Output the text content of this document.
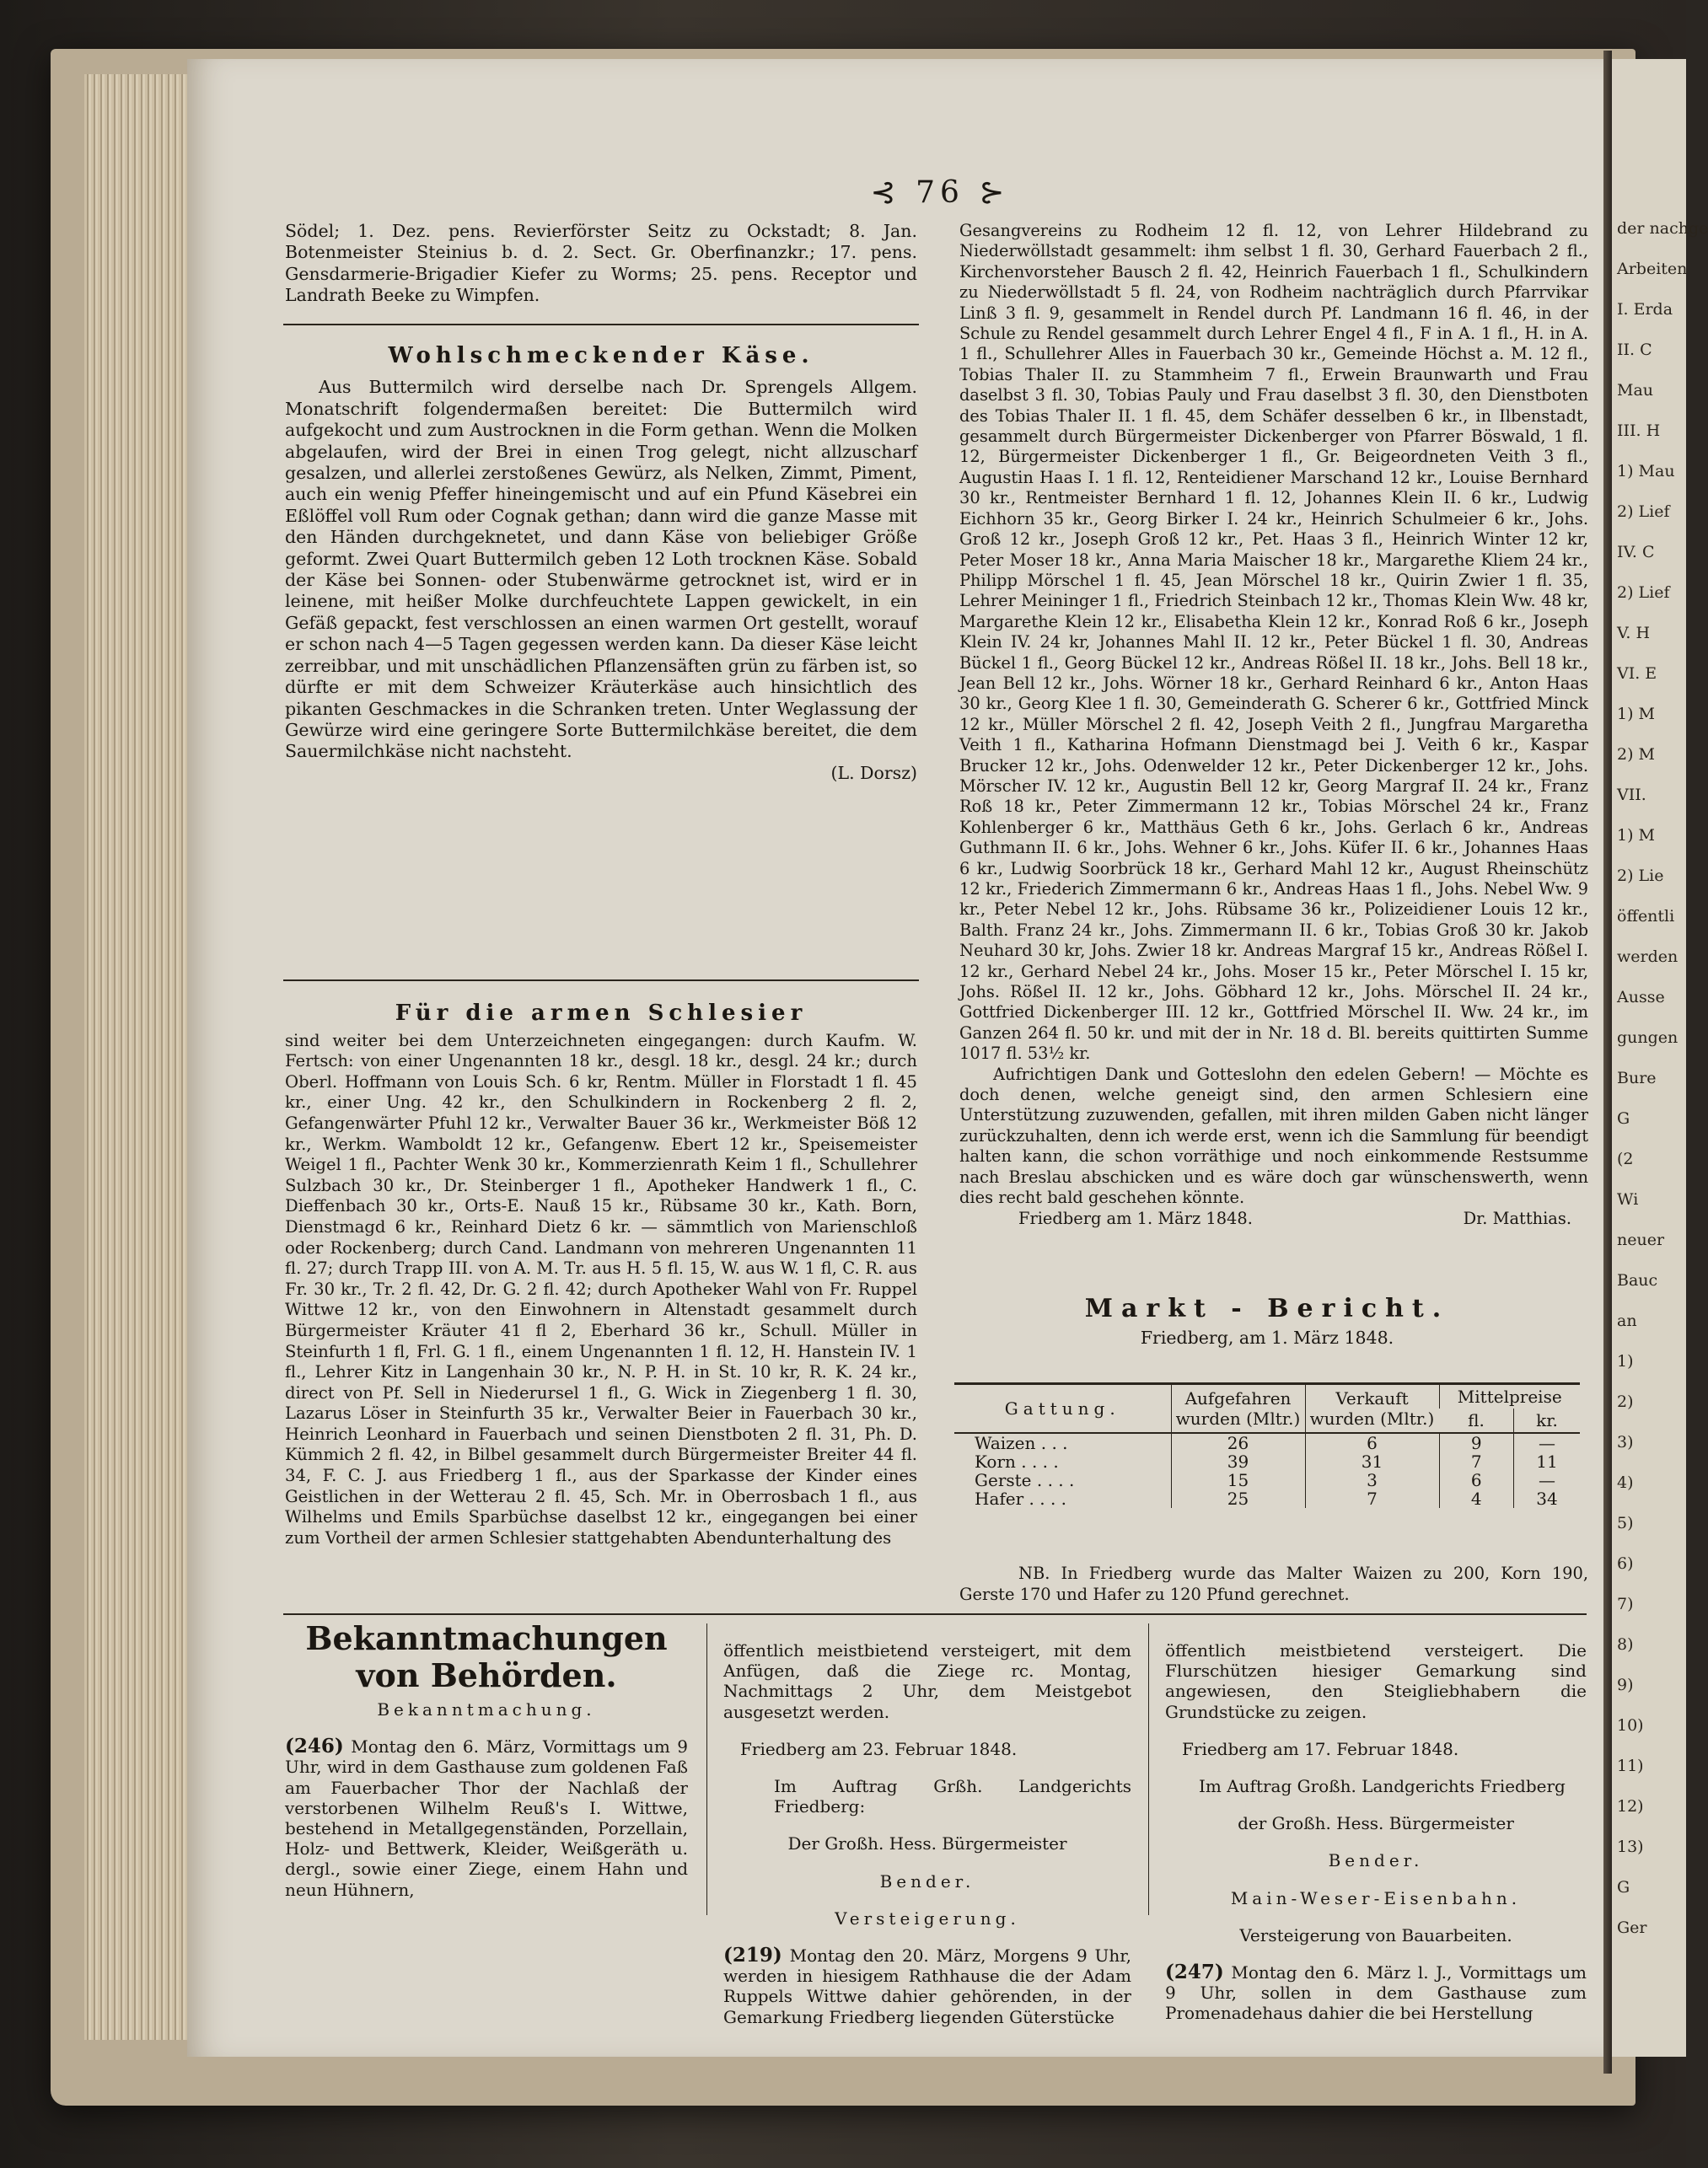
der nachge
Arbeiten
I. Erda
II. C
Mau
III. H
1) Mau
2) Lief
IV. C
2) Lief
V. H
VI. E
1) M
2) M
VII.
1) M
2) Lie
öffentli
werden
Ausse
gungen
Bure
G
(2
Wi
neuer
Bauc
an
1)
2)
3)
4)
5)
6)
7)
8)
9)
10)
11)
12)
13)
G
Ger
⊰ 76 ⊱

Södel; 1. Dez. pens. Revierförster Seitz zu Ockstadt; 8. Jan. Botenmeister Steinius b. d. 2. Sect. Gr. Oberfinanzkr.; 17. pens. Gensdarmerie-Brigadier Kiefer zu Worms; 25. pens. Receptor und Landrath Beeke zu Wimpfen.

Wohlschmeckender Käse.

Aus Buttermilch wird derselbe nach Dr. Sprengels Allgem. Monatschrift folgendermaßen bereitet: Die Buttermilch wird aufgekocht und zum Austrocknen in die Form gethan. Wenn die Molken abgelaufen, wird der Brei in einen Trog gelegt, nicht allzuscharf gesalzen, und allerlei zerstoßenes Gewürz, als Nelken, Zimmt, Piment, auch ein wenig Pfeffer hineingemischt und auf ein Pfund Käsebrei ein Eßlöffel voll Rum oder Cognak gethan; dann wird die ganze Masse mit den Händen durchgeknetet, und dann Käse von beliebiger Größe geformt. Zwei Quart Buttermilch geben 12 Loth trocknen Käse. Sobald der Käse bei Sonnen- oder Stubenwärme getrocknet ist, wird er in leinene, mit heißer Molke durchfeuchtete Lappen gewickelt, in ein Gefäß gepackt, fest verschlossen an einen warmen Ort gestellt, worauf er schon nach 4—5 Tagen gegessen werden kann. Da dieser Käse leicht zerreibbar, und mit unschädlichen Pflanzensäften grün zu färben ist, so dürfte er mit dem Schweizer Kräuterkäse auch hinsichtlich des pikanten Geschmackes in die Schranken treten. Unter Weglassung der Gewürze wird eine geringere Sorte Buttermilchkäse bereitet, die dem Sauermilchkäse nicht nachsteht.

(L. Dorsz)

Für die armen Schlesier

sind weiter bei dem Unterzeichneten eingegangen: durch Kaufm. W. Fertsch: von einer Ungenannten 18 kr., desgl. 18 kr., desgl. 24 kr.; durch Oberl. Hoffmann von Louis Sch. 6 kr, Rentm. Müller in Florstadt 1 fl. 45 kr., einer Ung. 42 kr., den Schulkindern in Rockenberg 2 fl. 2, Gefangenwärter Pfuhl 12 kr., Verwalter Bauer 36 kr., Werkmeister Böß 12 kr., Werkm. Wamboldt 12 kr., Gefangenw. Ebert 12 kr., Speisemeister Weigel 1 fl., Pachter Wenk 30 kr., Kommerzienrath Keim 1 fl., Schullehrer Sulzbach 30 kr., Dr. Steinberger 1 fl., Apotheker Handwerk 1 fl., C. Dieffenbach 30 kr., Orts-E. Nauß 15 kr., Rübsame 30 kr., Kath. Born, Dienstmagd 6 kr., Reinhard Dietz 6 kr. — sämmtlich von Marienschloß oder Rockenberg; durch Cand. Landmann von mehreren Ungenannten 11 fl. 27; durch Trapp III. von A. M. Tr. aus H. 5 fl. 15, W. aus W. 1 fl, C. R. aus Fr. 30 kr., Tr. 2 fl. 42, Dr. G. 2 fl. 42; durch Apotheker Wahl von Fr. Ruppel Wittwe 12 kr., von den Einwohnern in Altenstadt gesammelt durch Bürgermeister Kräuter 41 fl 2, Eberhard 36 kr., Schull. Müller in Steinfurth 1 fl, Frl. G. 1 fl., einem Ungenannten 1 fl. 12, H. Hanstein IV. 1 fl., Lehrer Kitz in Langenhain 30 kr., N. P. H. in St. 10 kr, R. K. 24 kr., direct von Pf. Sell in Niederursel 1 fl., G. Wick in Ziegenberg 1 fl. 30, Lazarus Löser in Steinfurth 35 kr., Verwalter Beier in Fauerbach 30 kr., Heinrich Leonhard in Fauerbach und seinen Dienstboten 2 fl. 31, Ph. D. Kümmich 2 fl. 42, in Bilbel gesammelt durch Bürgermeister Breiter 44 fl. 34, F. C. J. aus Friedberg 1 fl., aus der Sparkasse der Kinder eines Geistlichen in der Wetterau 2 fl. 45, Sch. Mr. in Oberrosbach 1 fl., aus Wilhelms und Emils Sparbüchse daselbst 12 kr., eingegangen bei einer zum Vortheil der armen Schlesier stattgehabten Abendunterhaltung des

Gesangvereins zu Rodheim 12 fl. 12, von Lehrer Hildebrand zu Niederwöllstadt gesammelt: ihm selbst 1 fl. 30, Gerhard Fauerbach 2 fl., Kirchenvorsteher Bausch 2 fl. 42, Heinrich Fauerbach 1 fl., Schulkindern zu Niederwöllstadt 5 fl. 24, von Rodheim nachträglich durch Pfarrvikar Linß 3 fl. 9, gesammelt in Rendel durch Pf. Landmann 16 fl. 46, in der Schule zu Rendel gesammelt durch Lehrer Engel 4 fl., F in A. 1 fl., H. in A. 1 fl., Schullehrer Alles in Fauerbach 30 kr., Gemeinde Höchst a. M. 12 fl., Tobias Thaler II. zu Stammheim 7 fl., Erwein Braunwarth und Frau daselbst 3 fl. 30, Tobias Pauly und Frau daselbst 3 fl. 30, den Dienstboten des Tobias Thaler II. 1 fl. 45, dem Schäfer desselben 6 kr., in Ilbenstadt, gesammelt durch Bürgermeister Dickenberger von Pfarrer Böswald, 1 fl. 12, Bürgermeister Dickenberger 1 fl., Gr. Beigeordneten Veith 3 fl., Augustin Haas I. 1 fl. 12, Renteidiener Marschand 12 kr., Louise Bernhard 30 kr., Rentmeister Bernhard 1 fl. 12, Johannes Klein II. 6 kr., Ludwig Eichhorn 35 kr., Georg Birker I. 24 kr., Heinrich Schulmeier 6 kr., Johs. Groß 12 kr., Joseph Groß 12 kr., Pet. Haas 3 fl., Heinrich Winter 12 kr, Peter Moser 18 kr., Anna Maria Maischer 18 kr., Margarethe Kliem 24 kr., Philipp Mörschel 1 fl. 45, Jean Mörschel 18 kr., Quirin Zwier 1 fl. 35, Lehrer Meininger 1 fl., Friedrich Steinbach 12 kr., Thomas Klein Ww. 48 kr, Margarethe Klein 12 kr., Elisabetha Klein 12 kr., Konrad Roß 6 kr., Joseph Klein IV. 24 kr, Johannes Mahl II. 12 kr., Peter Bückel 1 fl. 30, Andreas Bückel 1 fl., Georg Bückel 12 kr., Andreas Rößel II. 18 kr., Johs. Bell 18 kr., Jean Bell 12 kr., Johs. Wörner 18 kr., Gerhard Reinhard 6 kr., Anton Haas 30 kr., Georg Klee 1 fl. 30, Gemeinderath G. Scherer 6 kr., Gottfried Minck 12 kr., Müller Mörschel 2 fl. 42, Joseph Veith 2 fl., Jungfrau Margaretha Veith 1 fl., Katharina Hofmann Dienstmagd bei J. Veith 6 kr., Kaspar Brucker 12 kr., Johs. Odenwelder 12 kr., Peter Dickenberger 12 kr., Johs. Mörscher IV. 12 kr., Augustin Bell 12 kr, Georg Margraf II. 24 kr., Franz Roß 18 kr., Peter Zimmermann 12 kr., Tobias Mörschel 24 kr., Franz Kohlenberger 6 kr., Matthäus Geth 6 kr., Johs. Gerlach 6 kr., Andreas Guthmann II. 6 kr., Johs. Wehner 6 kr., Johs. Küfer II. 6 kr., Johannes Haas 6 kr., Ludwig Soorbrück 18 kr., Gerhard Mahl 12 kr., August Rheinschütz 12 kr., Friederich Zimmermann 6 kr., Andreas Haas 1 fl., Johs. Nebel Ww. 9 kr., Peter Nebel 12 kr., Johs. Rübsame 36 kr., Polizeidiener Louis 12 kr., Balth. Franz 24 kr., Johs. Zimmermann II. 6 kr., Tobias Groß 30 kr. Jakob Neuhard 30 kr, Johs. Zwier 18 kr. Andreas Margraf 15 kr., Andreas Rößel I. 12 kr., Gerhard Nebel 24 kr., Johs. Moser 15 kr., Peter Mörschel I. 15 kr, Johs. Rößel II. 12 kr., Johs. Göbhard 12 kr., Johs. Mörschel II. 24 kr., Gottfried Dickenberger III. 12 kr., Gottfried Mörschel II. Ww. 24 kr., im Ganzen 264 fl. 50 kr. und mit der in Nr. 18 d. Bl. bereits quittirten Summe 1017 fl. 53½ kr.

Aufrichtigen Dank und Gotteslohn den edelen Gebern! — Möchte es doch denen, welche geneigt sind, den armen Schlesiern eine Unterstützung zuzuwenden, gefallen, mit ihren milden Gaben nicht länger zurückzuhalten, denn ich werde erst, wenn ich die Sammlung für beendigt halten kann, die schon vorräthige und noch einkommende Restsumme nach Breslau abschicken und es wäre doch gar wünschenswerth, wenn dies recht bald geschehen könnte.

Friedberg am 1. März 1848.	Dr. Matthias.

Markt - Bericht.

Friedberg, am 1. März 1848.

Gattung.	Aufgefahren wurden (Mltr.)	Verkauft wurden (Mltr.)	Mittelpreise	
			fl.	kr.
Waizen . . .	26	6	9	—
Korn . . . .	39	31	7	11
Gerste . . . .	15	3	6	—
Hafer . . . .	25	7	4	34

NB. In Friedberg wurde das Malter Waizen zu 200, Korn 190, Gerste 170 und Hafer zu 120 Pfund gerechnet.

Bekanntmachungen von Behörden.

Bekanntmachung.

(246) Montag den 6. März, Vormittags um 9 Uhr, wird in dem Gasthause zum goldenen Faß am Fauerbacher Thor der Nachlaß der verstorbenen Wilhelm Reuß's I. Wittwe, bestehend in Metallgegenständen, Porzellain, Holz- und Bettwerk, Kleider, Weißgeräth u. dergl., sowie einer Ziege, einem Hahn und neun Hühnern,

öffentlich meistbietend versteigert, mit dem Anfügen, daß die Ziege rc. Montag, Nachmittags 2 Uhr, dem Meistgebot ausgesetzt werden.

Friedberg am 23. Februar 1848.

Im Auftrag Grßh. Landgerichts Friedberg:

Der Großh. Hess. Bürgermeister

Bender.

Versteigerung.

(219) Montag den 20. März, Morgens 9 Uhr, werden in hiesigem Rathhause die der Adam Ruppels Wittwe dahier gehörenden, in der Gemarkung Friedberg liegenden Güterstücke

öffentlich meistbietend versteigert. Die Flurschützen hiesiger Gemarkung sind angewiesen, den Steigliebhabern die Grundstücke zu zeigen.

Friedberg am 17. Februar 1848.

Im Auftrag Großh. Landgerichts Friedberg

der Großh. Hess. Bürgermeister

Bender.

Main-Weser-Eisenbahn.

Versteigerung von Bauarbeiten.

(247) Montag den 6. März l. J., Vormittags um 9 Uhr, sollen in dem Gasthause zum Promenadehaus dahier die bei Herstellung
